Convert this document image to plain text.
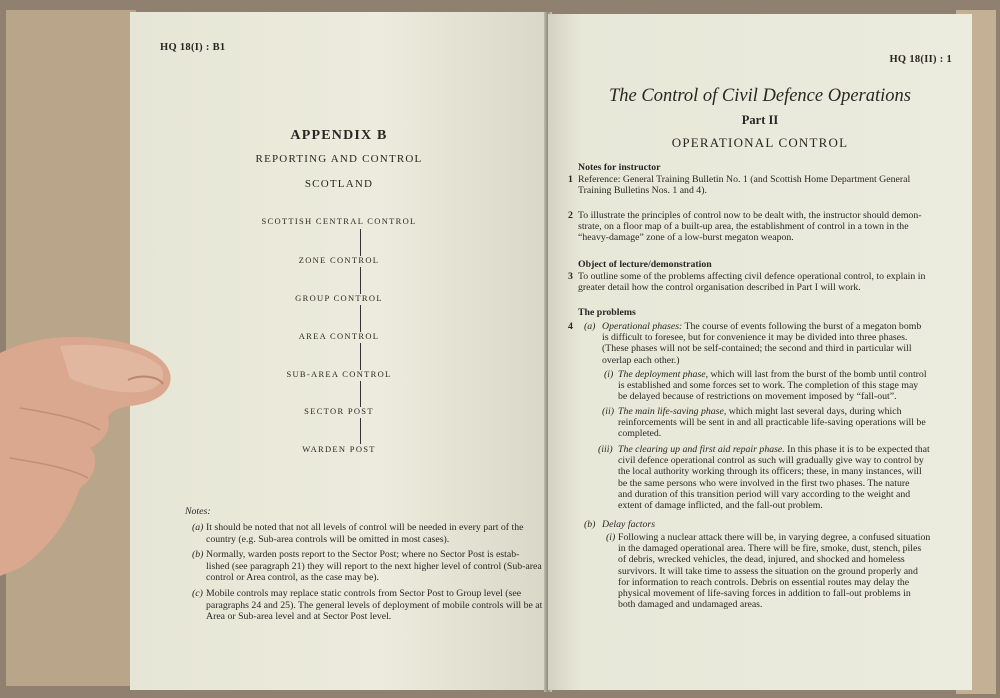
HQ 18(I) : B1
APPENDIX B
REPORTING AND CONTROL
SCOTLAND
SCOTTISH CENTRAL CONTROL
ZONE CONTROL
GROUP CONTROL
AREA CONTROL
SUB-AREA CONTROL
SECTOR POST
WARDEN POST
Notes:
(a) It should be noted that not all levels of control will be needed in every part of the
country (e.g. Sub-area controls will be omitted in most cases).
(b) Normally, warden posts report to the Sector Post; where no Sector Post is estab-
lished (see paragraph 21) they will report to the next higher level of control (Sub-area
control or Area control, as the case may be).
(c) Mobile controls may replace static controls from Sector Post to Group level (see
paragraphs 24 and 25). The general levels of deployment of mobile controls will be at
Area or Sub-area level and at Sector Post level.
HQ 18(II) : 1
The Control of Civil Defence Operations
Part II
OPERATIONAL CONTROL
Notes for instructor
1 Reference: General Training Bulletin No. 1 (and Scottish Home Department General
Training Bulletins Nos. 1 and 4).
2 To illustrate the principles of control now to be dealt with, the instructor should demon-
strate, on a floor map of a built-up area, the establishment of control in a town in the
“heavy-damage” zone of a low-burst megaton weapon.
Object of lecture/demonstration
3 To outline some of the problems affecting civil defence operational control, to explain in
greater detail how the control organisation described in Part I will work.
The problems
4 (a) Operational phases: The course of events following the burst of a megaton bomb
is difficult to foresee, but for convenience it may be divided into three phases.
(These phases will not be self-contained; the second and third in particular will
overlap each other.)
(i) The deployment phase, which will last from the burst of the bomb until control
is established and some forces set to work. The completion of this stage may
be delayed because of restrictions on movement imposed by “fall-out”.
(ii) The main life-saving phase, which might last several days, during which
reinforcements will be sent in and all practicable life-saving operations will be
completed.
(iii) The clearing up and first aid repair phase. In this phase it is to be expected that
civil defence operational control as such will gradually give way to control by
the local authority working through its officers; these, in many instances, will
be the same persons who were involved in the first two phases. The nature
and duration of this transition period will vary according to the weight and
extent of damage inflicted, and the fall-out problem.
(b) Delay factors
(i) Following a nuclear attack there will be, in varying degree, a confused situation
in the damaged operational area. There will be fire, smoke, dust, stench, piles
of debris, wrecked vehicles, the dead, injured, and shocked and homeless
survivors. It will take time to assess the situation on the ground properly and
for information to reach controls. Debris on essential routes may delay the
physical movement of life-saving forces in addition to fall-out problems in
both damaged and undamaged areas.
